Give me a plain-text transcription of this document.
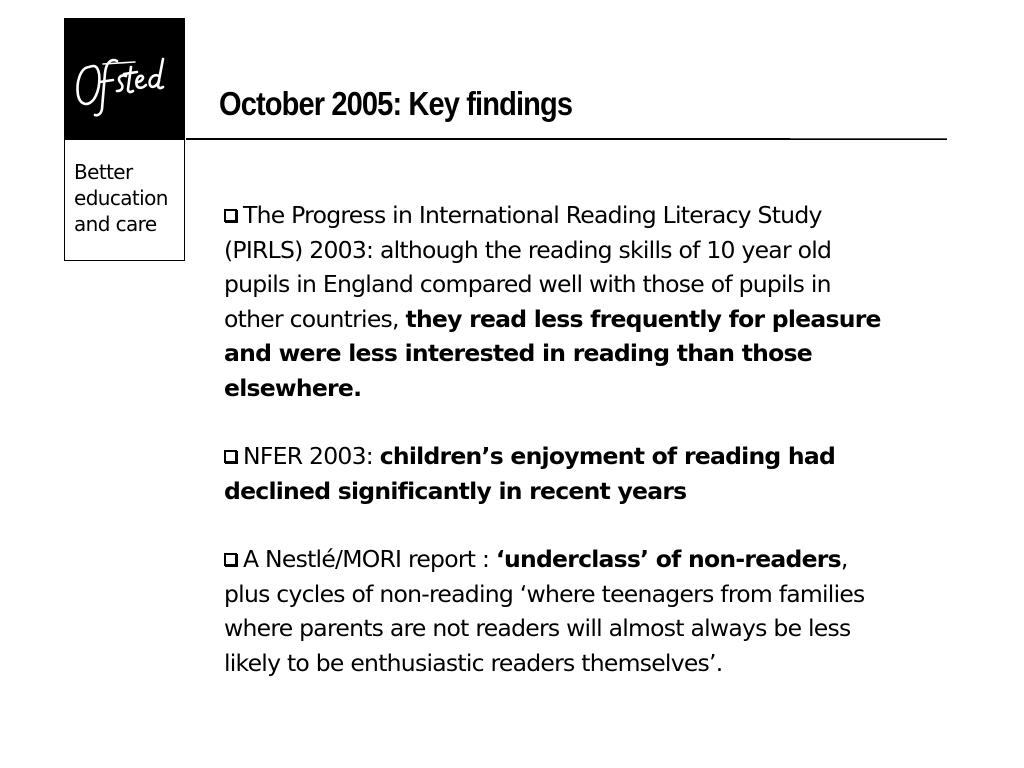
Better
education
and care
October 2005: Key findings

The Progress in International Reading Literacy Study
(PIRLS) 2003: although the reading skills of 10 year old
pupils in England compared well with those of pupils in
other countries, they read less frequently for pleasure
and were less interested in reading than those
elsewhere.

NFER 2003: children’s enjoyment of reading had
declined significantly in recent years

A Nestlé/MORI report : ‘underclass’ of non-readers,
plus cycles of non-reading ‘where teenagers from families
where parents are not readers will almost always be less
likely to be enthusiastic readers themselves’.
